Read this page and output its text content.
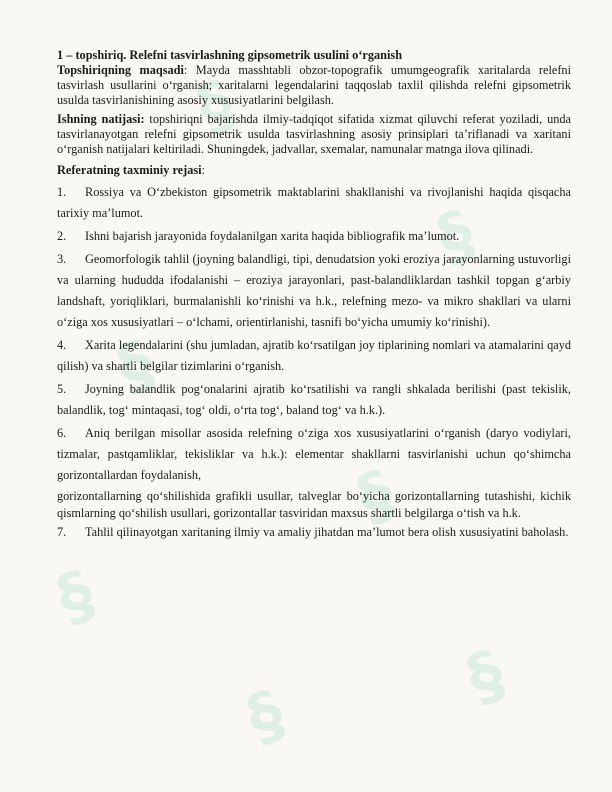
§
§
§
§
§
§
§

1 – topshiriq. Relefni tasvirlashning gipsometrik usulini o‘rganish

Topshiriqning maqsadi: Mayda masshtabli obzor-topografik umumgeografik xaritalarda relefni tasvirlash usullarini o‘rganish; xaritalarni legendalarini taqqoslab taxlil qilishda relefni gipsometrik usulda tasvirlanishining asosiy xususiyatlarini belgilash.

Ishning natijasi: topshiriqni bajarishda ilmiy-tadqiqot sifatida xizmat qiluvchi referat yoziladi, unda tasvirlanayotgan relefni gipsometrik usulda tasvirlashning asosiy prinsiplari ta’riflanadi va xaritani o‘rganish natijalari keltiriladi. Shuningdek, jadvallar, sxemalar, namunalar matnga ilova qilinadi.

Referatning taxminiy rejasi:

1. Rossiya va O‘zbekiston gipsometrik maktablarini shakllanishi va rivojlanishi haqida qisqacha tarixiy ma’lumot.

2. Ishni bajarish jarayonida foydalanilgan xarita haqida bibliografik ma’lumot.

3. Geomorfologik tahlil (joyning balandligi, tipi, denudatsion yoki eroziya jarayonlarning ustuvorligi va ularning hududda ifodalanishi – eroziya jarayonlari, past-balandliklardan tashkil topgan g‘arbiy landshaft, yoriqliklari, burmalanishli ko‘rinishi va h.k., relefning mezo- va mikro shakllari va ularni o‘ziga xos xususiyatlari – o‘lchami, orientirlanishi, tasnifi bo‘yicha umumiy ko‘rinishi).

4. Xarita legendalarini (shu jumladan, ajratib ko‘rsatilgan joy tiplarining nomlari va atamalarini qayd qilish) va shartli belgilar tizimlarini o‘rganish.

5. Joyning balandlik pog‘onalarini ajratib ko‘rsatilishi va rangli shkalada berilishi (past tekislik, balandlik, tog‘ mintaqasi, tog‘ oldi, o‘rta tog‘, baland tog‘ va h.k.).

6. Aniq berilgan misollar asosida relefning o‘ziga xos xususiyatlarini o‘rganish (daryo vodiylari, tizmalar, pastqamliklar, tekisliklar va h.k.): elementar shakllarni tasvirlanishi uchun qo‘shimcha gorizontallardan foydalanish,

gorizontallarning qo‘shilishida grafikli usullar, talveglar bo‘yicha gorizontallarning tutashishi, kichik qismlarning qo‘shilish usullari, gorizontallar tasviridan maxsus shartli belgilarga o‘tish va h.k.

7. Tahlil qilinayotgan xaritaning ilmiy va amaliy jihatdan ma’lumot bera olish xususiyatini baholash.
